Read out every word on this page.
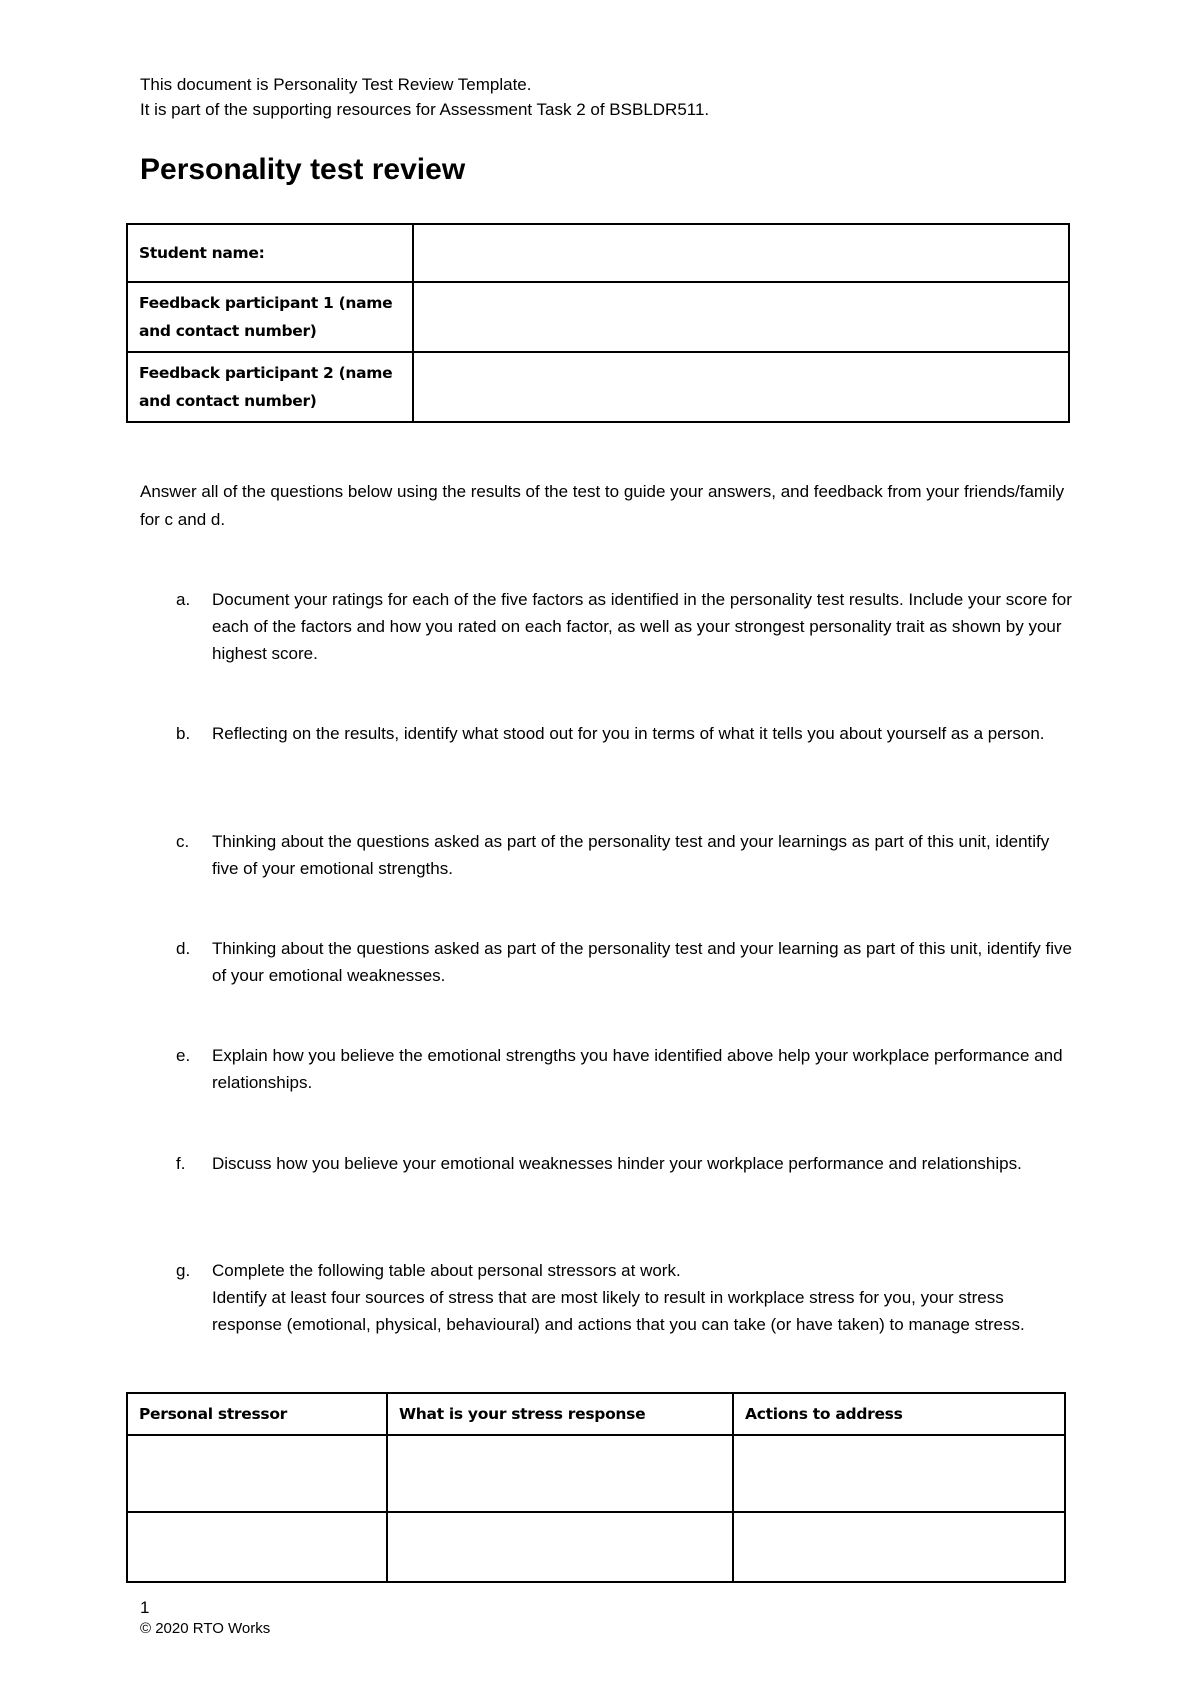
This document is Personality Test Review Template.
It is part of the supporting resources for Assessment Task 2 of BSBLDR511.
Personality test review
Student name:	
Feedback participant 1 (name and contact number)	
Feedback participant 2 (name and contact number)	
Answer all of the questions below using the results of the test to guide your answers, and feedback from your friends/family for c and d.
a. Document your ratings for each of the five factors as identified in the personality test results. Include your score for each of the factors and how you rated on each factor, as well as your strongest personality trait as shown by your highest score.
b. Reflecting on the results, identify what stood out for you in terms of what it tells you about yourself as a person.
c. Thinking about the questions asked as part of the personality test and your learnings as part of this unit, identify five of your emotional strengths.
d. Thinking about the questions asked as part of the personality test and your learning as part of this unit, identify five of your emotional weaknesses.
e. Explain how you believe the emotional strengths you have identified above help your workplace performance and relationships.
f. Discuss how you believe your emotional weaknesses hinder your workplace performance and relationships.
g. Complete the following table about personal stressors at work.
Identify at least four sources of stress that are most likely to result in workplace stress for you, your stress response (emotional, physical, behavioural) and actions that you can take (or have taken) to manage stress.
Personal stressor	What is your stress response	Actions to address

1
© 2020 RTO Works
